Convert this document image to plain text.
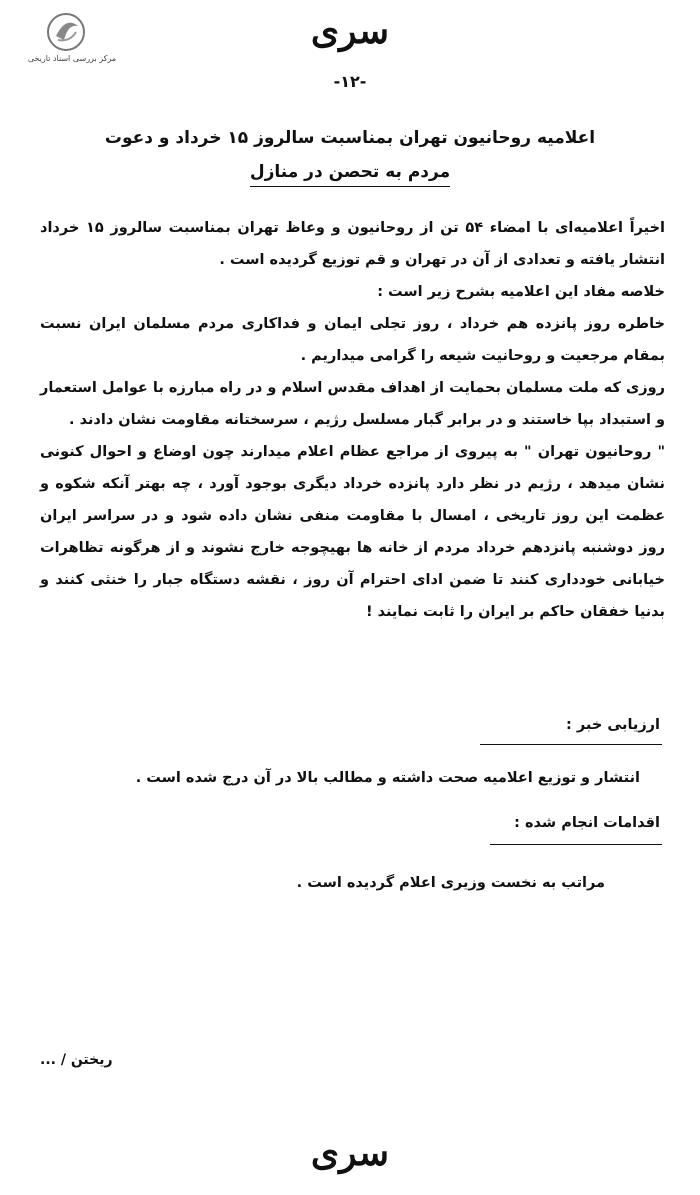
مرکز بررسی اسناد تاریخی
سری
-۱۲-
اعلامیه روحانیون تهران بمناسبت سالروز ۱۵ خرداد و دعوت
مردم به تحصن در منازل

اخیراً اعلامیه‌ای با امضاء ۵۴ تن از روحانیون و وعاظ تهران بمناسبت سالروز ۱۵ خرداد انتشار یافته و تعدادی از آن در تهران و قم توزیع گردیده است .

خلاصه مفاد این اعلامیه بشرح زیر است :

خاطره روز پانزده هم خرداد ، روز تجلی ایمان و فداکاری مردم مسلمان ایران نسبت بمقام مرجعیت و روحانیت شیعه را گرامی میداریم .

روزی که ملت مسلمان بحمایت از اهداف مقدس اسلام و در راه مبارزه با عوامل استعمار و استبداد بپا خاستند و در برابر گبار مسلسل رژیم ، سرسختانه مقاومت نشان دادند .

" روحانیون تهران " به پیروی از مراجع عظام اعلام میدارند چون اوضاع و احوال کنونی نشان میدهد ، رژیم در نظر دارد پانزده خرداد دیگری بوجود آورد ، چه بهتر آنکه شکوه و عظمت این روز تاریخی ، امسال با مقاومت منفی نشان داده شود و در سراسر ایران روز دوشنبه پانزدهم خرداد مردم از خانه ها بهیچوجه خارج نشوند و از هرگونه تظاهرات خیابانی خودداری کنند تا ضمن ادای احترام آن روز ، نقشه دستگاه جبار را خنثی کنند و بدنیا خفقان حاکم بر ایران را ثابت نمایند !

ارزیابی خبر :
انتشار و توزیع اعلامیه صحت داشته و مطالب بالا در آن درج شده است .
اقدامات انجام شده :
مراتب به نخست وزیری اعلام گردیده است .
ریختن / ...
سری
